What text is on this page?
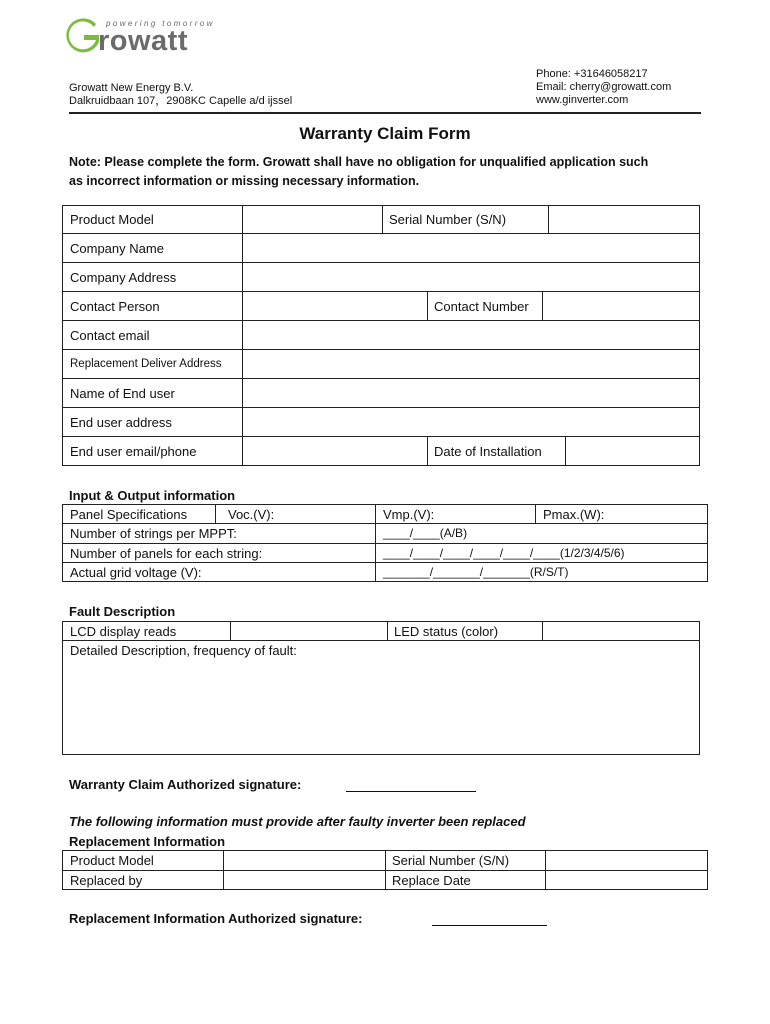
powering tomorrow
rowatt
Growatt New Energy B.V.
Dalkruidbaan 107，2908KC Capelle a/d ijssel
Phone: +31646058217
Email: cherry@growatt.com
www.ginverter.com
Warranty Claim Form
Note: Please complete the form. Growatt shall have no obligation for unqualified application such
as incorrect information or missing necessary information.
Product Model	Serial Number (S/N)
Company Name
Company Address
Contact Person	Contact Number
Contact email
Replacement Deliver Address
Name of End user
End user address
End user email/phone	Date of Installation
Input & Output information
Panel Specifications	Voc.(V):	Vmp.(V):	Pmax.(W):
Number of strings per MPPT:	____/____(A/B)
Number of panels for each string:	____/____/____/____/____/____(1/2/3/4/5/6)
Actual grid voltage (V):	_______/_______/_______(R/S/T)
Fault Description
LCD display reads	LED status (color)
Detailed Description, frequency of fault:
Warranty Claim Authorized signature:
The following information must provide after faulty inverter been replaced
Replacement Information
Product Model	Serial Number (S/N)
Replaced by	Replace Date
Replacement Information Authorized signature:
